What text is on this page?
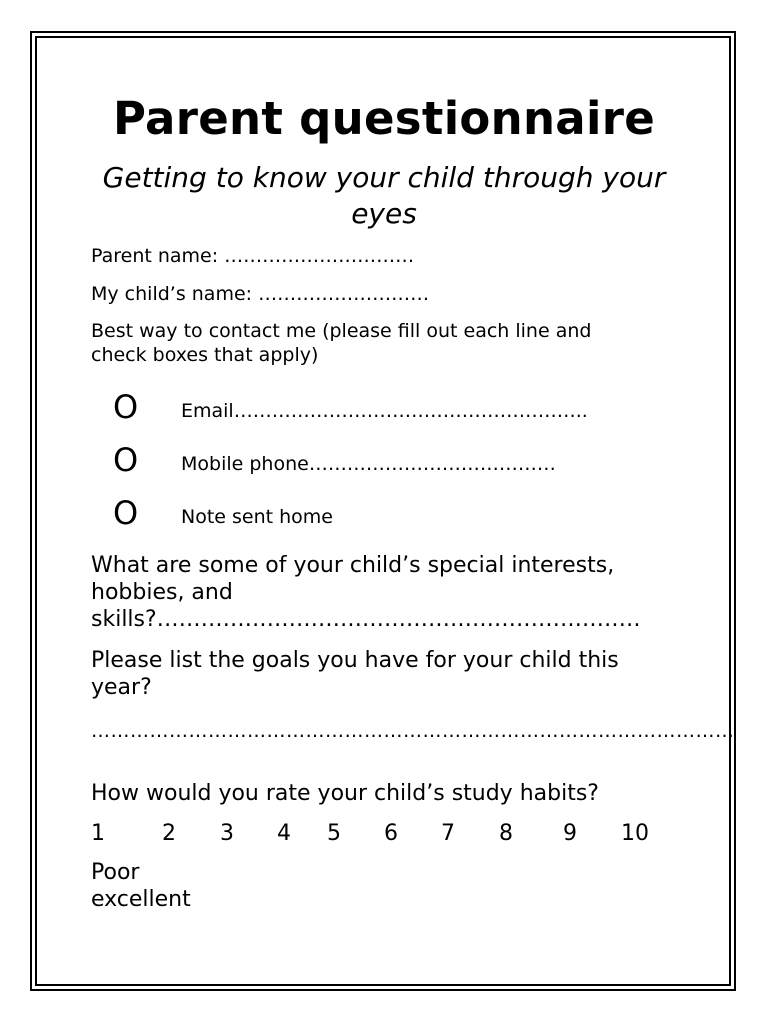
Parent questionnaire
Getting to know your child through your eyes
Parent name: …………………………
My child’s name: ………………………
Best way to contact me (please fill out each line and check boxes that apply)
O Email………………………………………………..
O Mobile phone…………………………………
O Note sent home
What are some of your child’s special interests, hobbies, and skills?…………………………………………………………
Please list the goals you have for your child this year?
………………………………………………………………………………………
How would you rate your child’s study habits?
1	2 3 4 5 6 7 8 9 10
Poor
excellent
